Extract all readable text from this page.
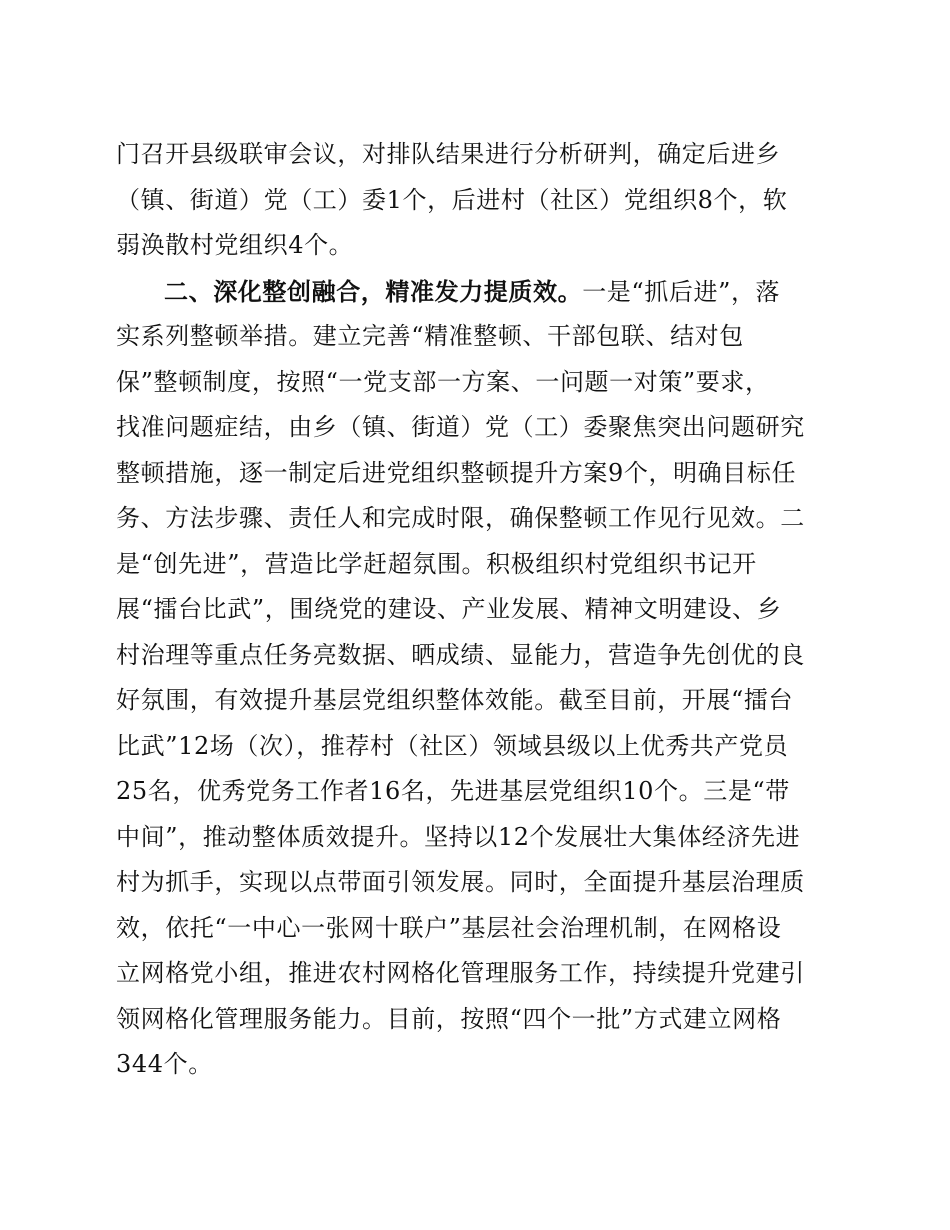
门召开县级联审会议，对排队结果进行分析研判，确定后进乡
（镇、街道）党（工）委1个，后进村（社区）党组织8个，软
弱涣散村党组织4个。
二、深化整创融合，精准发力提质效。一是“抓后进”，落
实系列整顿举措。建立完善“精准整顿、干部包联、结对包
保”整顿制度，按照“一党支部一方案、一问题一对策”要求，
找准问题症结，由乡（镇、街道）党（工）委聚焦突出问题研究
整顿措施，逐一制定后进党组织整顿提升方案9个，明确目标任
务、方法步骤、责任人和完成时限，确保整顿工作见行见效。二
是“创先进”，营造比学赶超氛围。积极组织村党组织书记开
展“擂台比武”，围绕党的建设、产业发展、精神文明建设、乡
村治理等重点任务亮数据、晒成绩、显能力，营造争先创优的良
好氛围，有效提升基层党组织整体效能。截至目前，开展“擂台
比武”12场（次），推荐村（社区）领域县级以上优秀共产党员
25名，优秀党务工作者16名，先进基层党组织10个。三是“带
中间”，推动整体质效提升。坚持以12个发展壮大集体经济先进
村为抓手，实现以点带面引领发展。同时，全面提升基层治理质
效，依托“一中心一张网十联户”基层社会治理机制，在网格设
立网格党小组，推进农村网格化管理服务工作，持续提升党建引
领网格化管理服务能力。目前，按照“四个一批”方式建立网格
344个。
